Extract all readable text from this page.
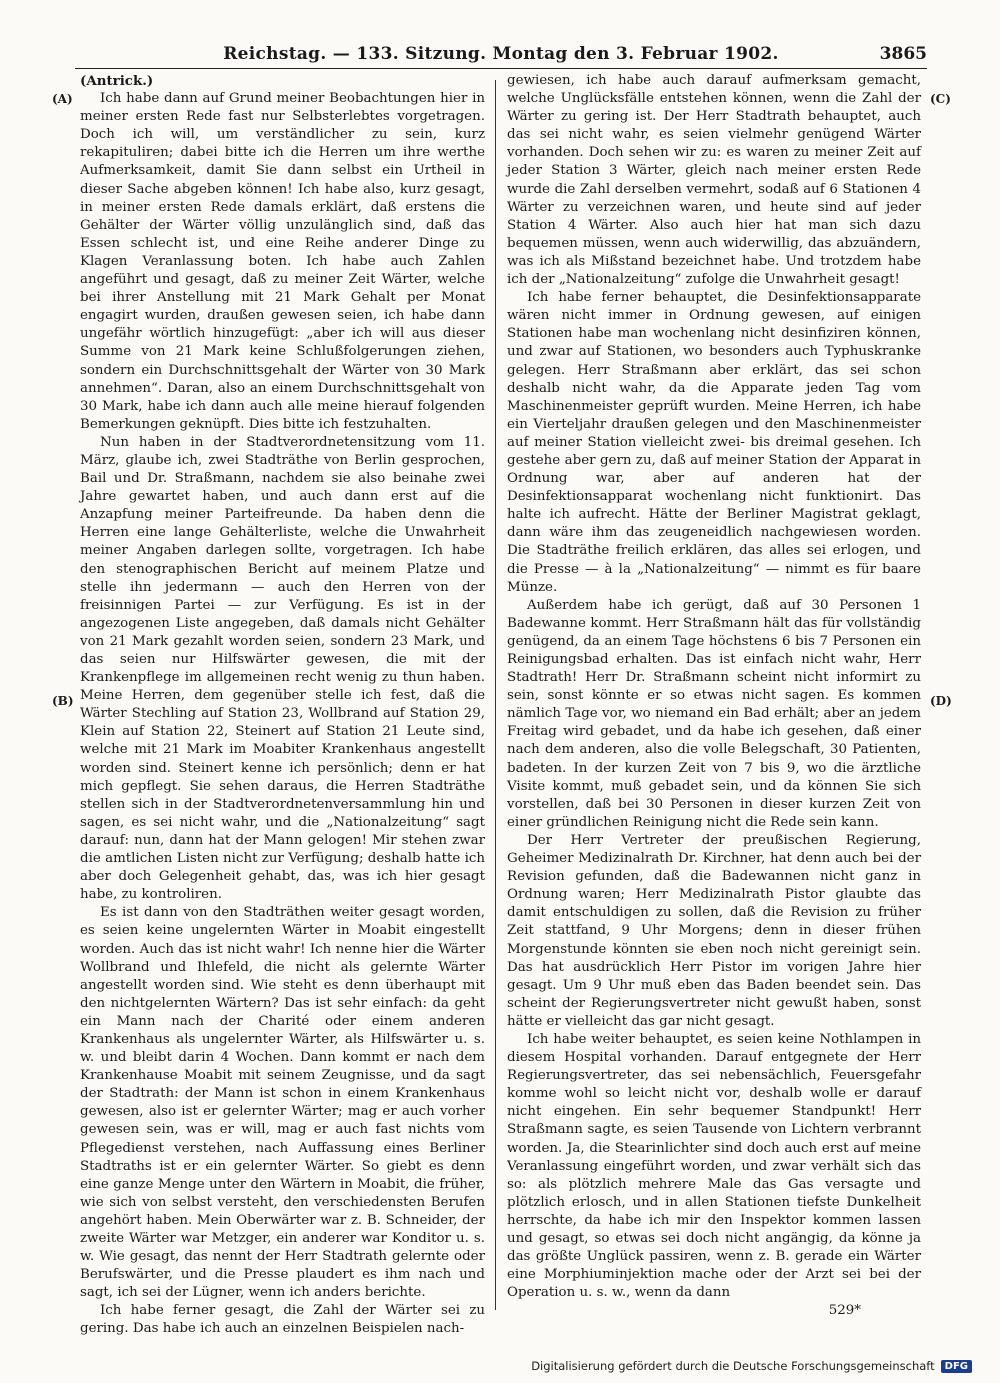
Reichstag. — 133. Sitzung. Montag den 3. Februar 1902.	3865
(A)
(B)
(C)
(D)

(Antrick.)

Ich habe dann auf Grund meiner Beobachtungen hier in meiner ersten Rede fast nur Selbsterlebtes vorgetragen. Doch ich will, um verständlicher zu sein, kurz rekapituliren; dabei bitte ich die Herren um ihre werthe Aufmerksamkeit, damit Sie dann selbst ein Urtheil in dieser Sache abgeben können! Ich habe also, kurz gesagt, in meiner ersten Rede damals erklärt, daß erstens die Gehälter der Wärter völlig unzulänglich sind, daß das Essen schlecht ist, und eine Reihe anderer Dinge zu Klagen Veranlassung boten. Ich habe auch Zahlen angeführt und gesagt, daß zu meiner Zeit Wärter, welche bei ihrer Anstellung mit 21 Mark Gehalt per Monat engagirt wurden, draußen gewesen seien, ich habe dann ungefähr wörtlich hinzugefügt: „aber ich will aus dieser Summe von 21 Mark keine Schlußfolgerungen ziehen, sondern ein Durchschnittsgehalt der Wärter von 30 Mark annehmen“. Daran, also an einem Durchschnittsgehalt von 30 Mark, habe ich dann auch alle meine hierauf folgenden Bemerkungen geknüpft. Dies bitte ich festzuhalten.

Nun haben in der Stadtverordnetensitzung vom 11. März, glaube ich, zwei Stadträthe von Berlin gesprochen, Bail und Dr. Straßmann, nachdem sie also beinahe zwei Jahre gewartet haben, und auch dann erst auf die Anzapfung meiner Parteifreunde. Da haben denn die Herren eine lange Gehälterliste, welche die Unwahrheit meiner Angaben darlegen sollte, vorgetragen. Ich habe den stenographischen Bericht auf meinem Platze und stelle ihn jedermann — auch den Herren von der freisinnigen Partei — zur Verfügung. Es ist in der angezogenen Liste angegeben, daß damals nicht Gehälter von 21 Mark gezahlt worden seien, sondern 23 Mark, und das seien nur Hilfswärter gewesen, die mit der Krankenpflege im allgemeinen recht wenig zu thun haben. Meine Herren, dem gegenüber stelle ich fest, daß die Wärter Stechling auf Station 23, Wollbrand auf Station 29, Klein auf Station 22, Steinert auf Station 21 Leute sind, welche mit 21 Mark im Moabiter Krankenhaus angestellt worden sind. Steinert kenne ich persönlich; denn er hat mich gepflegt. Sie sehen daraus, die Herren Stadträthe stellen sich in der Stadtverordnetenversammlung hin und sagen, es sei nicht wahr, und die „Nationalzeitung“ sagt darauf: nun, dann hat der Mann gelogen! Mir stehen zwar die amtlichen Listen nicht zur Verfügung; deshalb hatte ich aber doch Gelegenheit gehabt, das, was ich hier gesagt habe, zu kontroliren.

Es ist dann von den Stadträthen weiter gesagt worden, es seien keine ungelernten Wärter in Moabit eingestellt worden. Auch das ist nicht wahr! Ich nenne hier die Wärter Wollbrand und Ihlefeld, die nicht als gelernte Wärter angestellt worden sind. Wie steht es denn überhaupt mit den nichtgelernten Wärtern? Das ist sehr einfach: da geht ein Mann nach der Charité oder einem anderen Krankenhaus als ungelernter Wärter, als Hilfswärter u. s. w. und bleibt darin 4 Wochen. Dann kommt er nach dem Krankenhause Moabit mit seinem Zeugnisse, und da sagt der Stadtrath: der Mann ist schon in einem Krankenhaus gewesen, also ist er gelernter Wärter; mag er auch vorher gewesen sein, was er will, mag er auch fast nichts vom Pflegedienst verstehen, nach Auffassung eines Berliner Stadtraths ist er ein gelernter Wärter. So giebt es denn eine ganze Menge unter den Wärtern in Moabit, die früher, wie sich von selbst versteht, den verschiedensten Berufen angehört haben. Mein Oberwärter war z. B. Schneider, der zweite Wärter war Metzger, ein anderer war Konditor u. s. w. Wie gesagt, das nennt der Herr Stadtrath gelernte oder Berufswärter, und die Presse plaudert es ihm nach und sagt, ich sei der Lügner, wenn ich anders berichte.

Ich habe ferner gesagt, die Zahl der Wärter sei zu gering. Das habe ich auch an einzelnen Beispielen nach-

gewiesen, ich habe auch darauf aufmerksam gemacht, welche Unglücksfälle entstehen können, wenn die Zahl der Wärter zu gering ist. Der Herr Stadtrath behauptet, auch das sei nicht wahr, es seien vielmehr genügend Wärter vorhanden. Doch sehen wir zu: es waren zu meiner Zeit auf jeder Station 3 Wärter, gleich nach meiner ersten Rede wurde die Zahl derselben vermehrt, sodaß auf 6 Stationen 4 Wärter zu verzeichnen waren, und heute sind auf jeder Station 4 Wärter. Also auch hier hat man sich dazu bequemen müssen, wenn auch widerwillig, das abzuändern, was ich als Mißstand bezeichnet habe. Und trotzdem habe ich der „Nationalzeitung“ zufolge die Unwahrheit gesagt!

Ich habe ferner behauptet, die Desinfektionsapparate wären nicht immer in Ordnung gewesen, auf einigen Stationen habe man wochenlang nicht desinfiziren können, und zwar auf Stationen, wo besonders auch Typhuskranke gelegen. Herr Straßmann aber erklärt, das sei schon deshalb nicht wahr, da die Apparate jeden Tag vom Maschinenmeister geprüft wurden. Meine Herren, ich habe ein Vierteljahr draußen gelegen und den Maschinenmeister auf meiner Station vielleicht zwei- bis dreimal gesehen. Ich gestehe aber gern zu, daß auf meiner Station der Apparat in Ordnung war, aber auf anderen hat der Desinfektionsapparat wochenlang nicht funktionirt. Das halte ich aufrecht. Hätte der Berliner Magistrat geklagt, dann wäre ihm das zeugeneidlich nachgewiesen worden. Die Stadträthe freilich erklären, das alles sei erlogen, und die Presse — à la „Nationalzeitung“ — nimmt es für baare Münze.

Außerdem habe ich gerügt, daß auf 30 Personen 1 Badewanne kommt. Herr Straßmann hält das für vollständig genügend, da an einem Tage höchstens 6 bis 7 Personen ein Reinigungsbad erhalten. Das ist einfach nicht wahr, Herr Stadtrath! Herr Dr. Straßmann scheint nicht informirt zu sein, sonst könnte er so etwas nicht sagen. Es kommen nämlich Tage vor, wo niemand ein Bad erhält; aber an jedem Freitag wird gebadet, und da habe ich gesehen, daß einer nach dem anderen, also die volle Belegschaft, 30 Patienten, badeten. In der kurzen Zeit von 7 bis 9, wo die ärztliche Visite kommt, muß gebadet sein, und da können Sie sich vorstellen, daß bei 30 Personen in dieser kurzen Zeit von einer gründlichen Reinigung nicht die Rede sein kann.

Der Herr Vertreter der preußischen Regierung, Geheimer Medizinalrath Dr. Kirchner, hat denn auch bei der Revision gefunden, daß die Badewannen nicht ganz in Ordnung waren; Herr Medizinalrath Pistor glaubte das damit entschuldigen zu sollen, daß die Revision zu früher Zeit stattfand, 9 Uhr Morgens; denn in dieser frühen Morgenstunde könnten sie eben noch nicht gereinigt sein. Das hat ausdrücklich Herr Pistor im vorigen Jahre hier gesagt. Um 9 Uhr muß eben das Baden beendet sein. Das scheint der Regierungsvertreter nicht gewußt haben, sonst hätte er vielleicht das gar nicht gesagt.

Ich habe weiter behauptet, es seien keine Nothlampen in diesem Hospital vorhanden. Darauf entgegnete der Herr Regierungsvertreter, das sei nebensächlich, Feuersgefahr komme wohl so leicht nicht vor, deshalb wolle er darauf nicht eingehen. Ein sehr bequemer Standpunkt! Herr Straßmann sagte, es seien Tausende von Lichtern verbrannt worden. Ja, die Stearinlichter sind doch auch erst auf meine Veranlassung eingeführt worden, und zwar verhält sich das so: als plötzlich mehrere Male das Gas versagte und plötzlich erlosch, und in allen Stationen tiefste Dunkelheit herrschte, da habe ich mir den Inspektor kommen lassen und gesagt, so etwas sei doch nicht angängig, da könne ja das größte Unglück passiren, wenn z. B. gerade ein Wärter eine Morphiuminjektion mache oder der Arzt sei bei der Operation u. s. w., wenn da dann

529*

Digitalisierung gefördert durch die Deutsche Forschungsgemeinschaft	DFG
